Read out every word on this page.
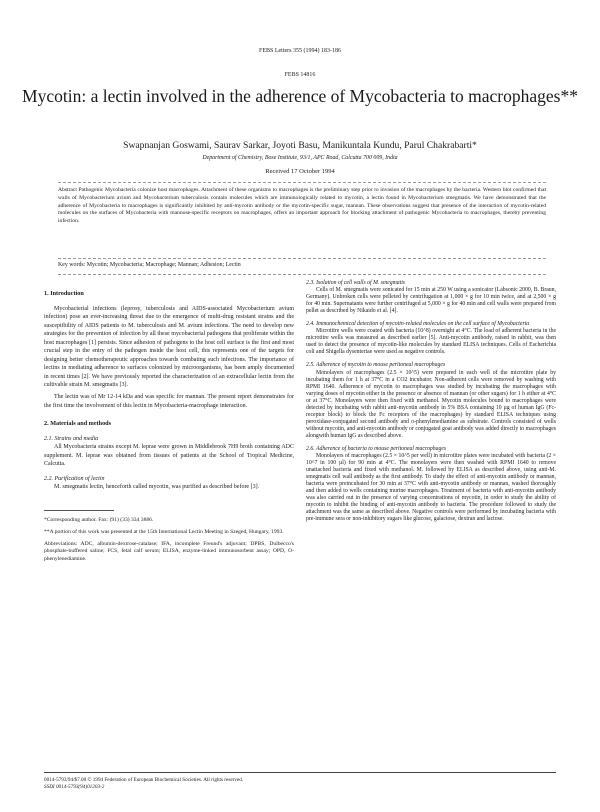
FEBS Letters 355 (1994) 183-186
FEBS 14816
Mycotin: a lectin involved in the adherence of Mycobacteria to macrophages**
Swapnanjan Goswami, Saurav Sarkar, Joyoti Basu, Manikuntala Kundu, Parul Chakrabarti*
Department of Chemistry, Bose Institute, 93/1, APC Road, Calcutta 700 009, India
Received 17 October 1994
Abstract Pathogenic Mycobacteria colonize host macrophages. Attachment of these organisms to macrophages is the preliminary step prior to invasion of the macrophages by the bacteria. Western blot confirmed that walls of Mycobacterium avium and Mycobacterium tuberculosis contain molecules which are immunologically related to mycotin, a lectin found in Mycobacterium smegmatis. We have demonstrated that the adherence of Mycobacteria to macrophages is significantly inhibited by anti-mycotin antibody or the mycotin-specific sugar, mannan. These observations suggest that presence of the interaction of mycotin-related molecules on the surfaces of Mycobacteria with mannose-specific receptors on macrophages, offers an important approach for blocking attachment of pathogenic Mycobacteria to macrophages, thereby preventing infection.
Key words: Mycotin; Mycobacteria; Macrophage; Mannan; Adhesion; Lectin

1. Introduction

Mycobacterial infections (leprosy, tuberculosis and AIDS-associated Mycobacterium avium infection) pose an ever-increasing threat due to the emergence of multi-drug resistant strains and the susceptibility of AIDS patients to M. tuberculosis and M. avium infections. The need to develop new strategies for the prevention of infection by all these mycobacterial pathogens that proliferate within the host macrophages [1] persists. Since adhesion of pathogens to the host cell surface is the first and most crucial step in the entry of the pathogen inside the host cell, this represents one of the targets for designing better chemotherapeutic approaches towards combating such infections. The importance of lectins in mediating adherence to surfaces colonized by microorganisms, has been amply documented in recent times [2]. We have previously reported the characterization of an extracellular lectin from the cultivable strain M. smegmatis [3].

The lectin was of Mr 12-14 kDa and was specific for mannan. The present report demonstrates for the first time the involvement of this lectin in Mycobacteria-macrophage interaction.

2. Materials and methods

2.1. Strains and media

All Mycobacteria strains except M. leprae were grown in Middlebrook 7H9 broth containing ADC supplement. M. leprae was obtained from tissues of patients at the School of Tropical Medicine, Calcutta.

2.2. Purification of lectin

M. smegmatis lectin, henceforth called mycotin, was purified as described before [3].

*Corresponding author. Fax: (91) (33) 334 3886.

**A portion of this work was presented at the 15th International Lectin Meeting in Szeged, Hungary, 1993.

Abbreviations: ADC, albumin-dextrose-catalase; IFA, incomplete Freund's adjuvant; DPBS, Dulbecco's phosphate-buffered saline; FCS, fetal calf serum; ELISA, enzyme-linked immunosorbent assay; OPD, O-phenylenediamine.

2.3. Isolation of cell walls of M. smegmatis

Cells of M. smegmatis were sonicated for 15 min at 250 W using a sonicator (Labsonic 2000, B. Braun, Germany). Unbroken cells were pelleted by centrifugation at 1,000 × g for 10 min twice, and at 2,500 × g for 40 min. Supernatants were further centrifuged at 5,000 × g for 40 min and cell walls were prepared from pellet as described by Nikaido et al. [4].

2.4. Immunochemical detection of mycotin-related molecules on the cell surface of Mycobacteria

Microtitre wells were coated with bacteria (10^8) overnight at 4°C. The load of adherent bacteria in the microtitre wells was measured as described earlier [5]. Anti-mycotin antibody, raised in rabbit, was then used to detect the presence of mycotin-like molecules by standard ELISA techniques. Cells of Escherichia coli and Shigella dysenteriae were used as negative controls.

2.5. Adherence of mycotin to mouse peritoneal macrophages

Monolayers of macrophages (2.5 × 10^5) were prepared in each well of the microtitre plate by incubating them for 1 h at 37°C in a CO2 incubator. Non-adherent cells were removed by washing with RPMI 1640. Adherence of mycotin to macrophages was studied by incubating the macrophages with varying doses of mycotin either in the presence or absence of mannan (or other sugars) for 1 h either at 4°C or at 37°C. Monolayers were then fixed with methanol. Mycotin molecules bound to macrophages were detected by incubating with rabbit anti-mycotin antibody in 5% BSA containing 10 µg of human IgG (Fc-receptor block) to block the Fc receptors of the macrophages) by standard ELISA techniques using peroxidase-conjugated second antibody and o-phenylenediamine as substrate. Controls consisted of wells without mycotin, and anti-mycotin antibody or conjugated goat antibody was added directly to macrophages alongwith human IgG as described above.

2.6. Adherence of bacteria to mouse peritoneal macrophages

Monolayers of macrophages (2.5 × 10^5 per well) in microtitre plates were incubated with bacteria (2 × 10^7 in 100 µl) for 90 min at 4°C. The monolayers were then washed with RPMI 1640 to remove unattached bacteria and fixed with methanol. M. followed by ELISA as described above, using anti-M. smegmatis cell wall antibody as the first antibody. To study the effect of anti-mycotin antibody or mannan, bacteria were preincubated for 30 min at 37°C with anti-mycotin antibody or mannan, washed thoroughly and then added to wells containing murine macrophages. Treatment of bacteria with anti-mycotin antibody was also carried out in the presence of varying concentrations of mycotin, in order to study the ability of mycotin to inhibit the binding of anti-mycotin antibody to bacteria. The procedure followed to study the attachment was the same as described above. Negative controls were performed by incubating bacteria with pre-immune sera or non-inhibitory sugars like glucose, galactose, dextran and lactose.

0014-5793/94/$7.00 © 1994 Federation of European Biochemical Societies. All rights reserved.
SSDI 0014-5793(94)01203-2
